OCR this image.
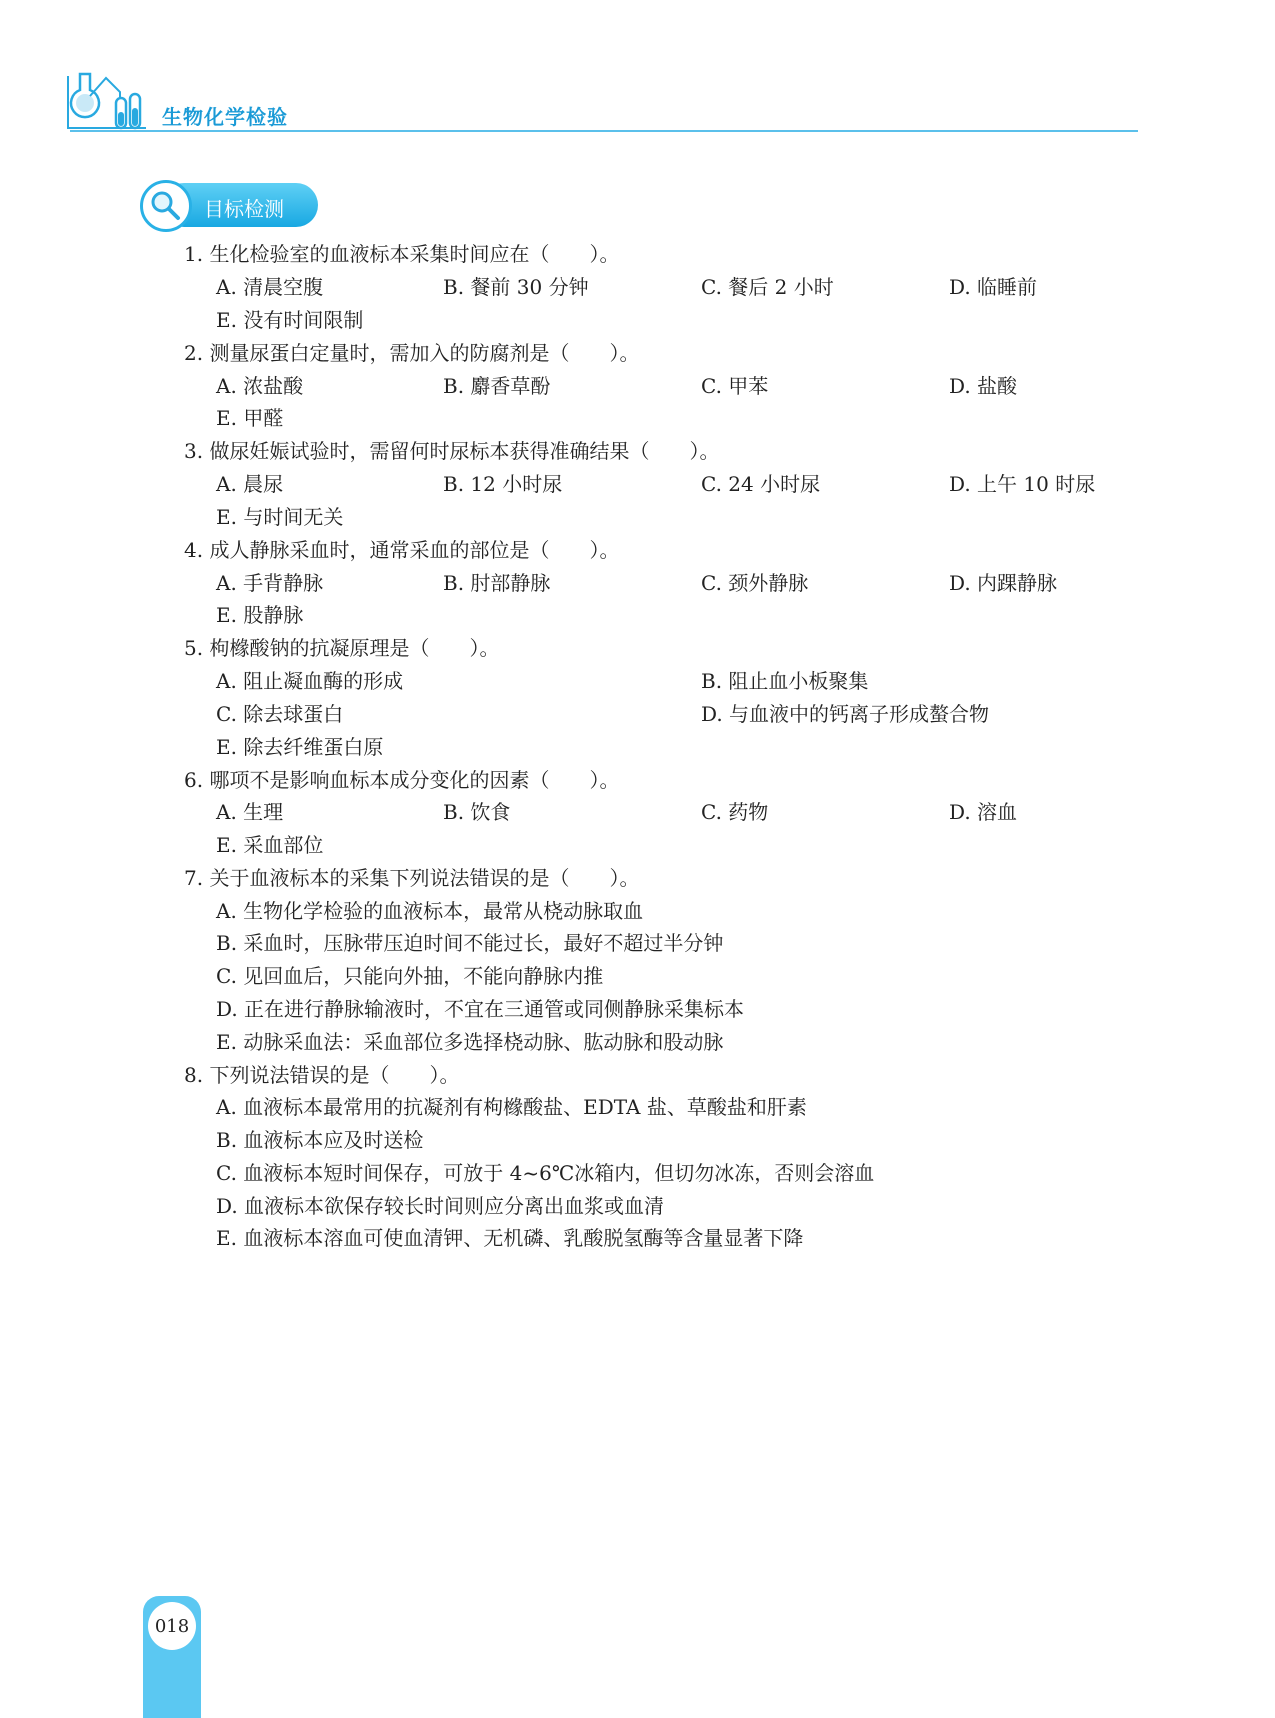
生物化学检验
目标检测
1. 生化检验室的血液标本采集时间应在（　　）。
A. 清晨空腹	B. 餐前 30 分钟	C. 餐后 2 小时	D. 临睡前
E. 没有时间限制
2. 测量尿蛋白定量时，需加入的防腐剂是（　　）。
A. 浓盐酸	B. 麝香草酚	C. 甲苯	D. 盐酸
E. 甲醛
3. 做尿妊娠试验时，需留何时尿标本获得准确结果（　　）。
A. 晨尿	B. 12 小时尿	C. 24 小时尿	D. 上午 10 时尿
E. 与时间无关
4. 成人静脉采血时，通常采血的部位是（　　）。
A. 手背静脉	B. 肘部静脉	C. 颈外静脉	D. 内踝静脉
E. 股静脉
5. 枸橼酸钠的抗凝原理是（　　）。
A. 阻止凝血酶的形成	B. 阻止血小板聚集
C. 除去球蛋白	D. 与血液中的钙离子形成螯合物
E. 除去纤维蛋白原
6. 哪项不是影响血标本成分变化的因素（　　）。
A. 生理	B. 饮食	C. 药物	D. 溶血
E. 采血部位
7. 关于血液标本的采集下列说法错误的是（　　）。
A. 生物化学检验的血液标本，最常从桡动脉取血
B. 采血时，压脉带压迫时间不能过长，最好不超过半分钟
C. 见回血后，只能向外抽，不能向静脉内推
D. 正在进行静脉输液时，不宜在三通管或同侧静脉采集标本
E. 动脉采血法：采血部位多选择桡动脉、肱动脉和股动脉
8. 下列说法错误的是（　　）。
A. 血液标本最常用的抗凝剂有枸橼酸盐、EDTA 盐、草酸盐和肝素
B. 血液标本应及时送检
C. 血液标本短时间保存，可放于 4~6℃冰箱内，但切勿冰冻，否则会溶血
D. 血液标本欲保存较长时间则应分离出血浆或血清
E. 血液标本溶血可使血清钾、无机磷、乳酸脱氢酶等含量显著下降
018
